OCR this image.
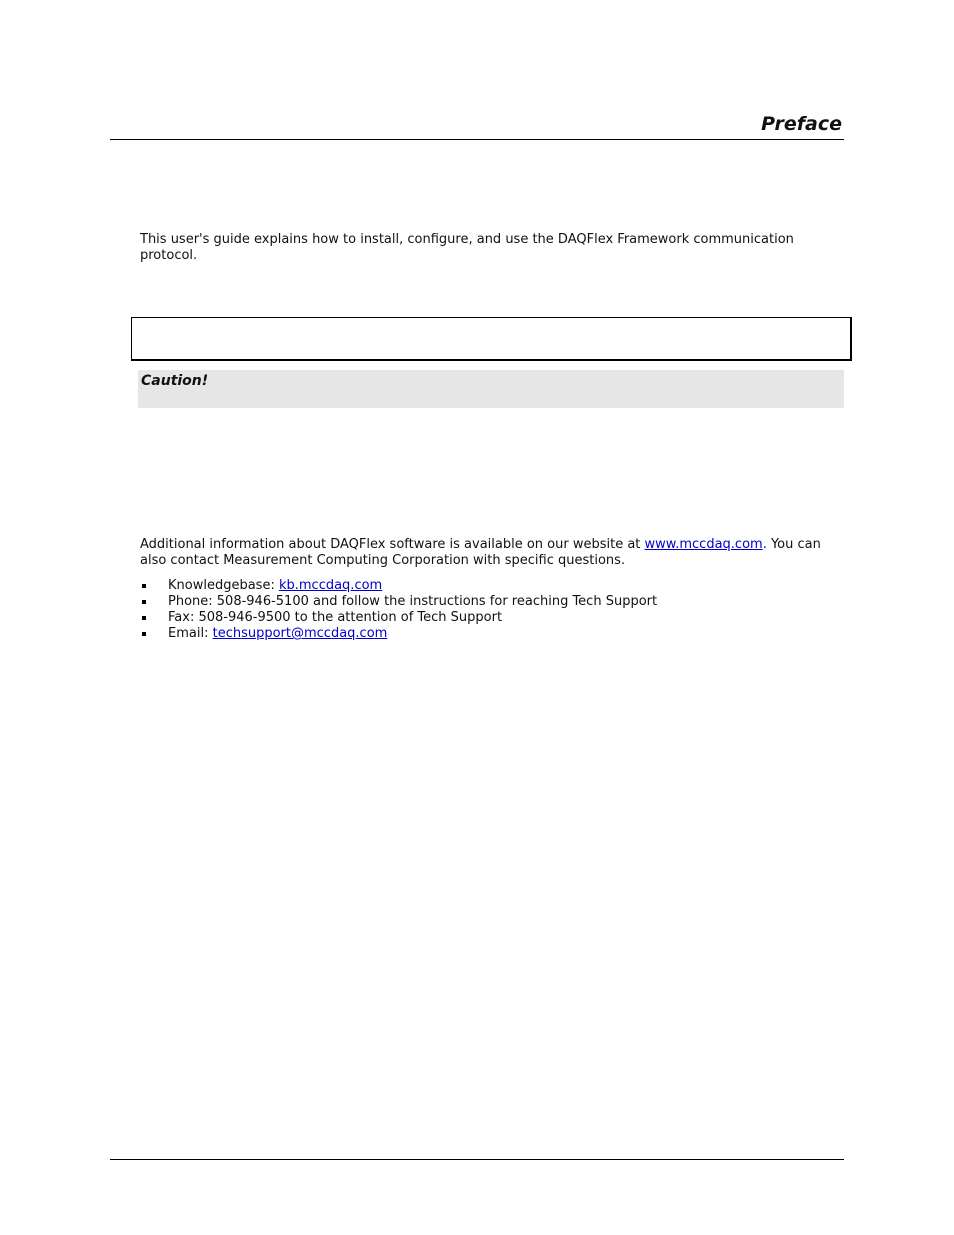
Preface
This user's guide explains how to install, configure, and use the DAQFlex Framework communication protocol.
Caution!
Additional information about DAQFlex software is available on our website at www.mccdaq.com. You can also contact Measurement Computing Corporation with specific questions.
Knowledgebase: kb.mccdaq.com
Phone: 508-946-5100 and follow the instructions for reaching Tech Support
Fax: 508-946-9500 to the attention of Tech Support
Email: techsupport@mccdaq.com
